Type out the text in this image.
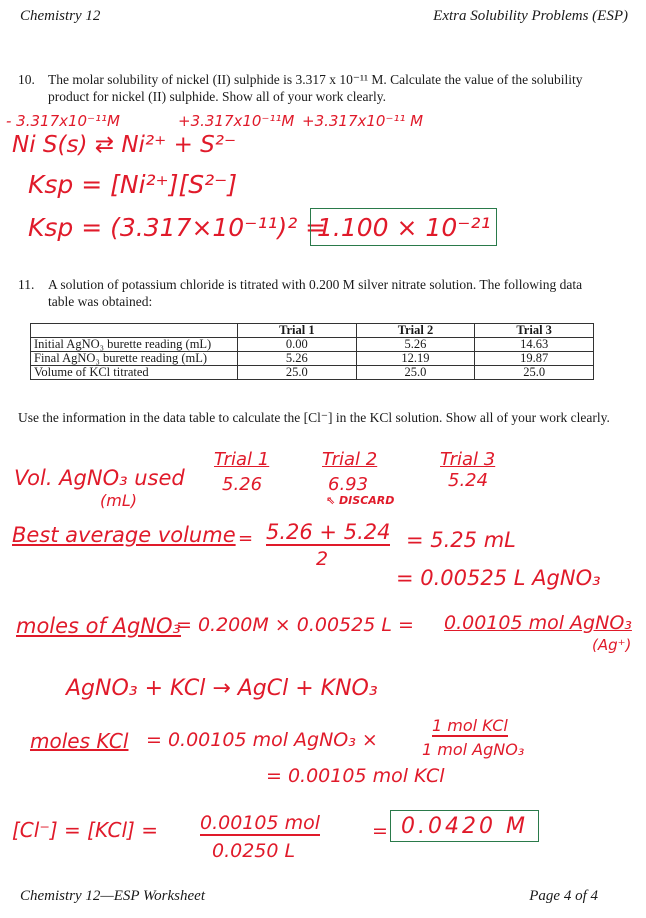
Chemistry 12	Extra Solubility Problems (ESP)
10. The molar solubility of nickel (II) sulphide is 3.317 x 10⁻¹¹ M. Calculate the value of the solubility product for nickel (II) sulphide. Show all of your work clearly.
- 3.317x10⁻¹¹M	+3.317x10⁻¹¹M +3.317x10⁻¹¹ M
Ni S(s) ⇄ Ni²⁺ + S²⁻
Ksp = [Ni²⁺][S²⁻]
Ksp = (3.317×10⁻¹¹)² =
1.100 × 10⁻²¹
11. A solution of potassium chloride is titrated with 0.200 M silver nitrate solution. The following data table was obtained:
	Trial 1	Trial 2	Trial 3
Initial AgNO₃ burette reading (mL)	0.00	5.26	14.63
Final AgNO₃ burette reading (mL)	5.26	12.19	19.87
Volume of KCl titrated	25.0	25.0	25.0
Use the information in the data table to calculate the [Cl⁻] in the KCl solution. Show all of your work clearly.
Trial 1	Trial 2	Trial 3
Vol. AgNO₃ used
(mL)
5.26	6.93	5.24
⇖ DISCARD
Best average volume = 5.26 + 5.24
2
= 5.25 mL
= 0.00525 L AgNO₃
moles of AgNO₃
= 0.200M × 0.00525 L = 0.00105 mol AgNO₃
(Ag⁺)
AgNO₃ + KCl → AgCl + KNO₃
moles KCl = 0.00105 mol AgNO₃ ×
1 mol KCl
1 mol AgNO₃
= 0.00105 mol KCl
[Cl⁻] = [KCl] = 0.00105 mol
0.0250 L
= 0.0420 M
Chemistry 12—ESP Worksheet	Page 4 of 4
